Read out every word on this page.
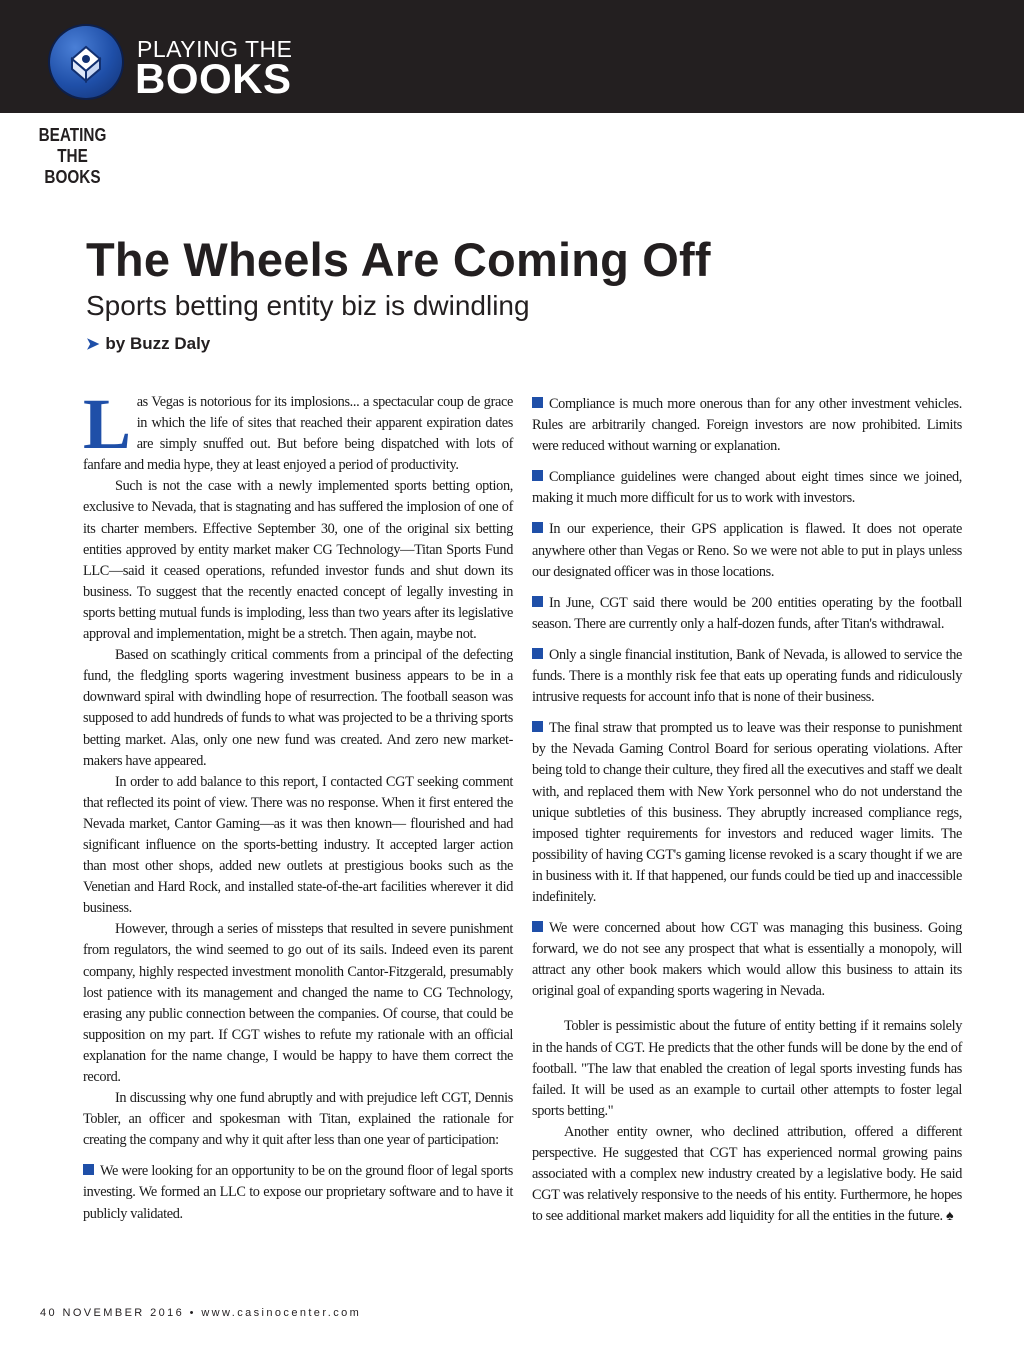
PLAYING THE
BOOKS
BEATING
THE BOOKS
The Wheels Are Coming Off
Sports betting entity biz is dwindling
➤ by Buzz Daly

Las Vegas is notorious for its implosions... a spectacular coup de grace in which the life of sites that reached their apparent expiration dates are simply snuffed out. But before being dispatched with lots of fanfare and media hype, they at least enjoyed a period of productivity.

Such is not the case with a newly implemented sports betting option, exclusive to Nevada, that is stagnating and has suffered the implosion of one of its charter members. Effective September 30, one of the original six betting entities approved by entity market maker CG Technology—Titan Sports Fund LLC—said it ceased operations, refunded investor funds and shut down its business. To suggest that the recently enacted concept of legally investing in sports betting mutual funds is imploding, less than two years after its legislative approval and implementation, might be a stretch. Then again, maybe not.

Based on scathingly critical comments from a principal of the defecting fund, the fledgling sports wagering investment business appears to be in a downward spiral with dwindling hope of resurrection. The football season was supposed to add hundreds of funds to what was projected to be a thriving sports betting market. Alas, only one new fund was created. And zero new market-makers have appeared.

In order to add balance to this report, I contacted CGT seeking comment that reflected its point of view. There was no response. When it first entered the Nevada market, Cantor Gaming—as it was then known— flourished and had significant influence on the sports-betting industry. It accepted larger action than most other shops, added new outlets at prestigious books such as the Venetian and Hard Rock, and installed state-of-the-art facilities wherever it did business.

However, through a series of missteps that resulted in severe punishment from regulators, the wind seemed to go out of its sails. Indeed even its parent company, highly respected investment monolith Cantor-Fitzgerald, presumably lost patience with its management and changed the name to CG Technology, erasing any public connection between the companies. Of course, that could be supposition on my part. If CGT wishes to refute my rationale with an official explanation for the name change, I would be happy to have them correct the record.

In discussing why one fund abruptly and with prejudice left CGT, Dennis Tobler, an officer and spokesman with Titan, explained the rationale for creating the company and why it quit after less than one year of participation:

We were looking for an opportunity to be on the ground floor of legal sports investing. We formed an LLC to expose our proprietary software and to have it publicly validated.

Compliance is much more onerous than for any other investment vehicles. Rules are arbitrarily changed. Foreign investors are now prohibited. Limits were reduced without warning or explanation.

Compliance guidelines were changed about eight times since we joined, making it much more difficult for us to work with investors.

In our experience, their GPS application is flawed. It does not operate anywhere other than Vegas or Reno. So we were not able to put in plays unless our designated officer was in those locations.

In June, CGT said there would be 200 entities operating by the football season. There are currently only a half-dozen funds, after Titan's withdrawal.

Only a single financial institution, Bank of Nevada, is allowed to service the funds. There is a monthly risk fee that eats up operating funds and ridiculously intrusive requests for account info that is none of their business.

The final straw that prompted us to leave was their response to punishment by the Nevada Gaming Control Board for serious operating violations. After being told to change their culture, they fired all the executives and staff we dealt with, and replaced them with New York personnel who do not understand the unique subtleties of this business. They abruptly increased compliance regs, imposed tighter requirements for investors and reduced wager limits. The possibility of having CGT's gaming license revoked is a scary thought if we are in business with it. If that happened, our funds could be tied up and inaccessible indefinitely.

We were concerned about how CGT was managing this business. Going forward, we do not see any prospect that what is essentially a monopoly, will attract any other book makers which would allow this business to attain its original goal of expanding sports wagering in Nevada.

Tobler is pessimistic about the future of entity betting if it remains solely in the hands of CGT. He predicts that the other funds will be done by the end of football. "The law that enabled the creation of legal sports investing funds has failed. It will be used as an example to curtail other attempts to foster legal sports betting."

Another entity owner, who declined attribution, offered a different perspective. He suggested that CGT has experienced normal growing pains associated with a complex new industry created by a legislative body. He said CGT was relatively responsive to the needs of his entity. Furthermore, he hopes to see additional market makers add liquidity for all the entities in the future. ♠

40 NOVEMBER 2016 • www.casinocenter.com
